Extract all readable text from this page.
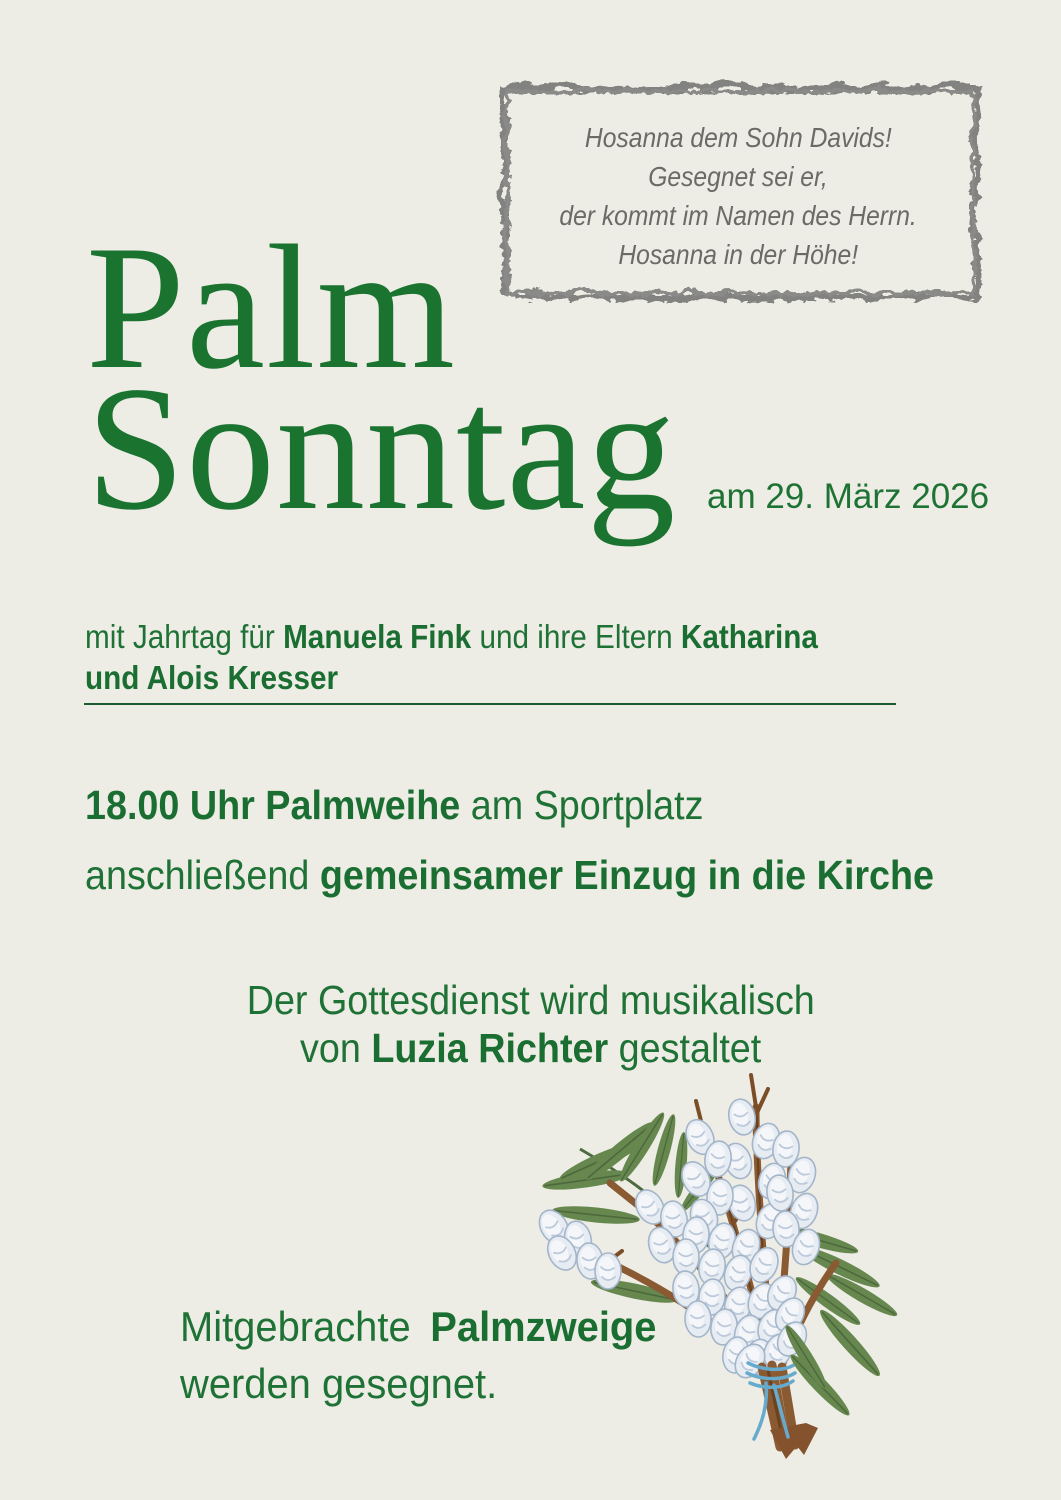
Hosanna dem Sohn Davids!
Gesegnet sei er,
der kommt im Namen des Herrn.
Hosanna in der Höhe!
Palm
Sonntag am 29. März 2026
mit Jahrtag für Manuela Fink und ihre Eltern Katharina
und Alois Kresser
18.00 Uhr Palmweihe am Sportplatz
anschließend gemeinsamer Einzug in die Kirche
Der Gottesdienst wird musikalisch
von Luzia Richter gestaltet
Mitgebrachte Palmzweige
werden gesegnet.
